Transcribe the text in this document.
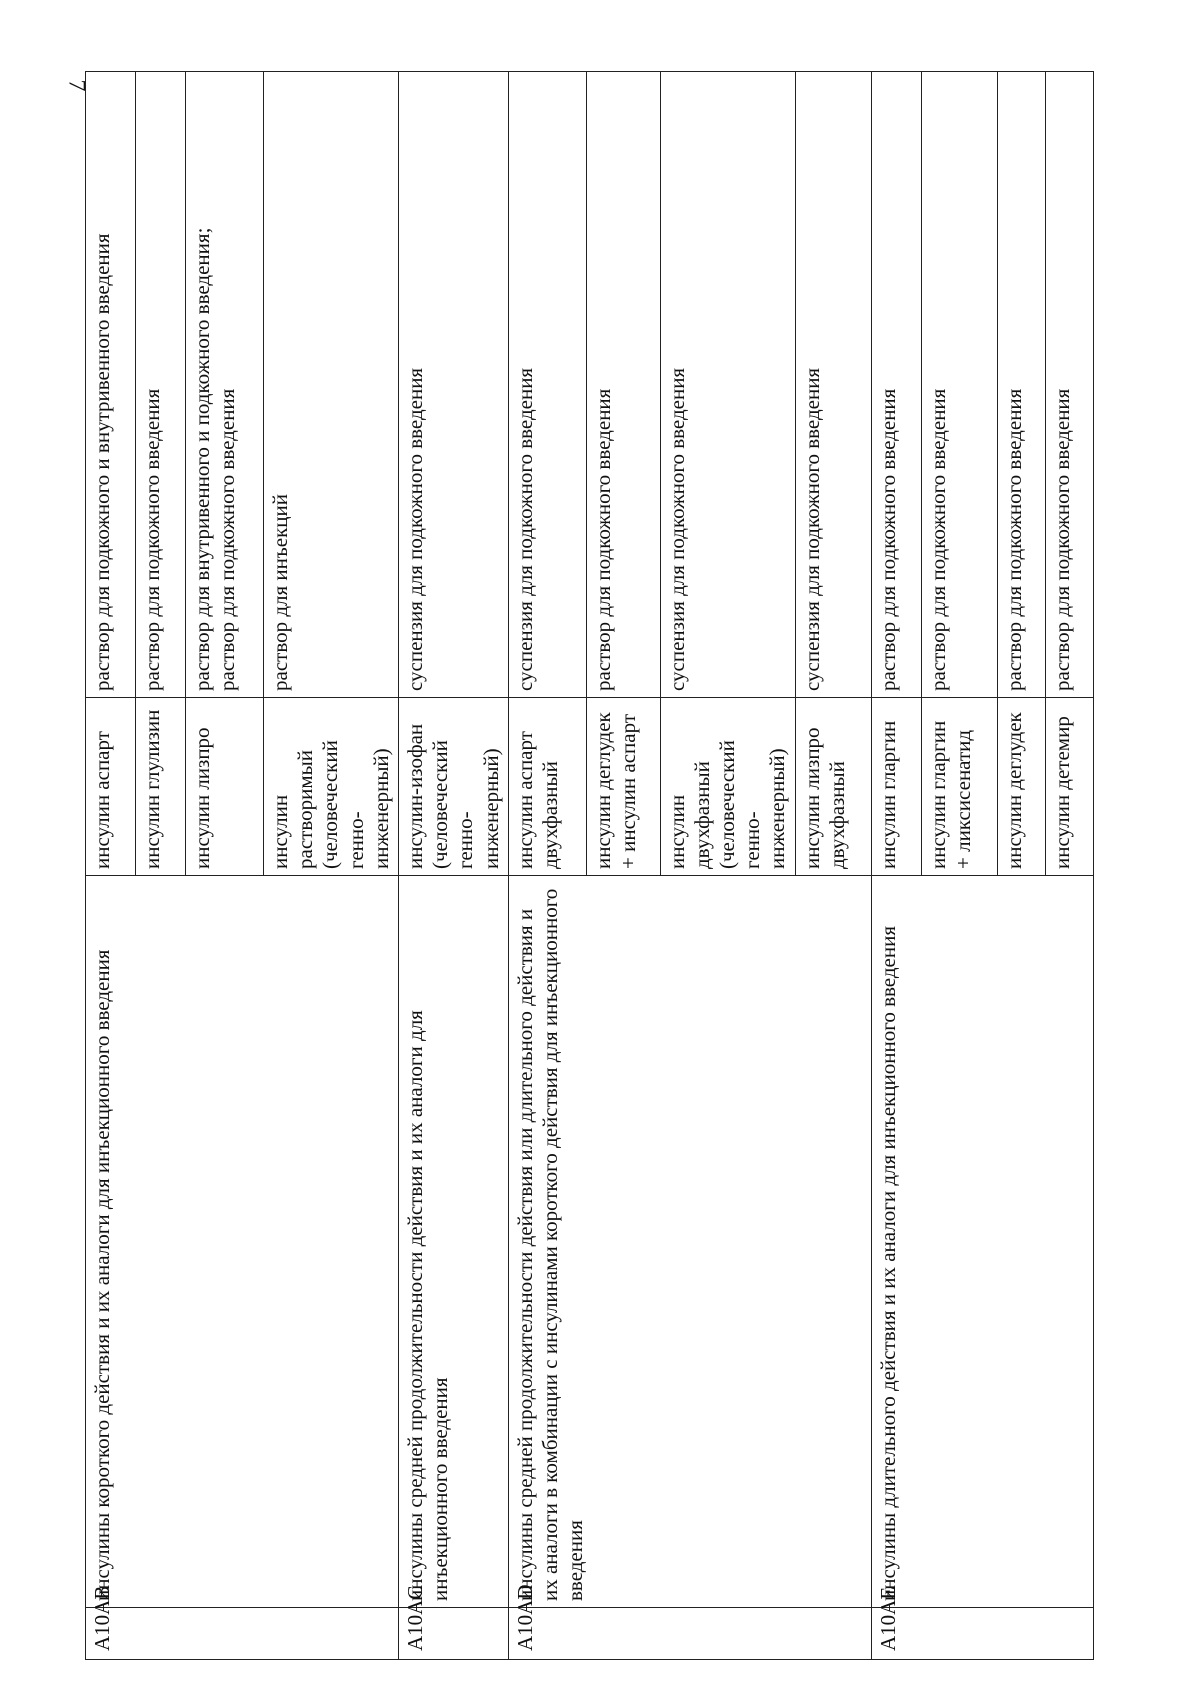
7
A10AB	инсулины короткого действия и их аналоги для инъекционного введения	инсулин аспарт	раствор для подкожного и внутривенного введения
		инсулин глулизин	раствор для подкожного введения
		инсулин лизпро	раствор для внутривенного и подкожного введения; раствор для подкожного введения

		инсулин растворимый (человеческий генно-инженерный)	раствор для инъекций
A10AC	инсулины средней продолжительности действия и их аналоги для инъекционного введения	инсулин-изофан (человеческий генно-инженерный)	суспензия для подкожного введения
A10AD	инсулины средней продолжительности действия или длительного действия и их аналоги в комбинации с инсулинами короткого действия для инъекционного введения	инсулин аспарт двухфазный	суспензия для подкожного введения
		инсулин деглудек + инсулин аспарт	раствор для подкожного введения
		инсулин двухфазный (человеческий генно-инженерный)	суспензия для подкожного введения
		инсулин лизпро двухфазный	суспензия для подкожного введения
A10AE	инсулины длительного действия и их аналоги для инъекционного введения	инсулин гларгин	раствор для подкожного введения
		инсулин гларгин + ликсисенатид	раствор для подкожного введения
		инсулин деглудек	раствор для подкожного введения
		инсулин детемир	раствор для подкожного введения
